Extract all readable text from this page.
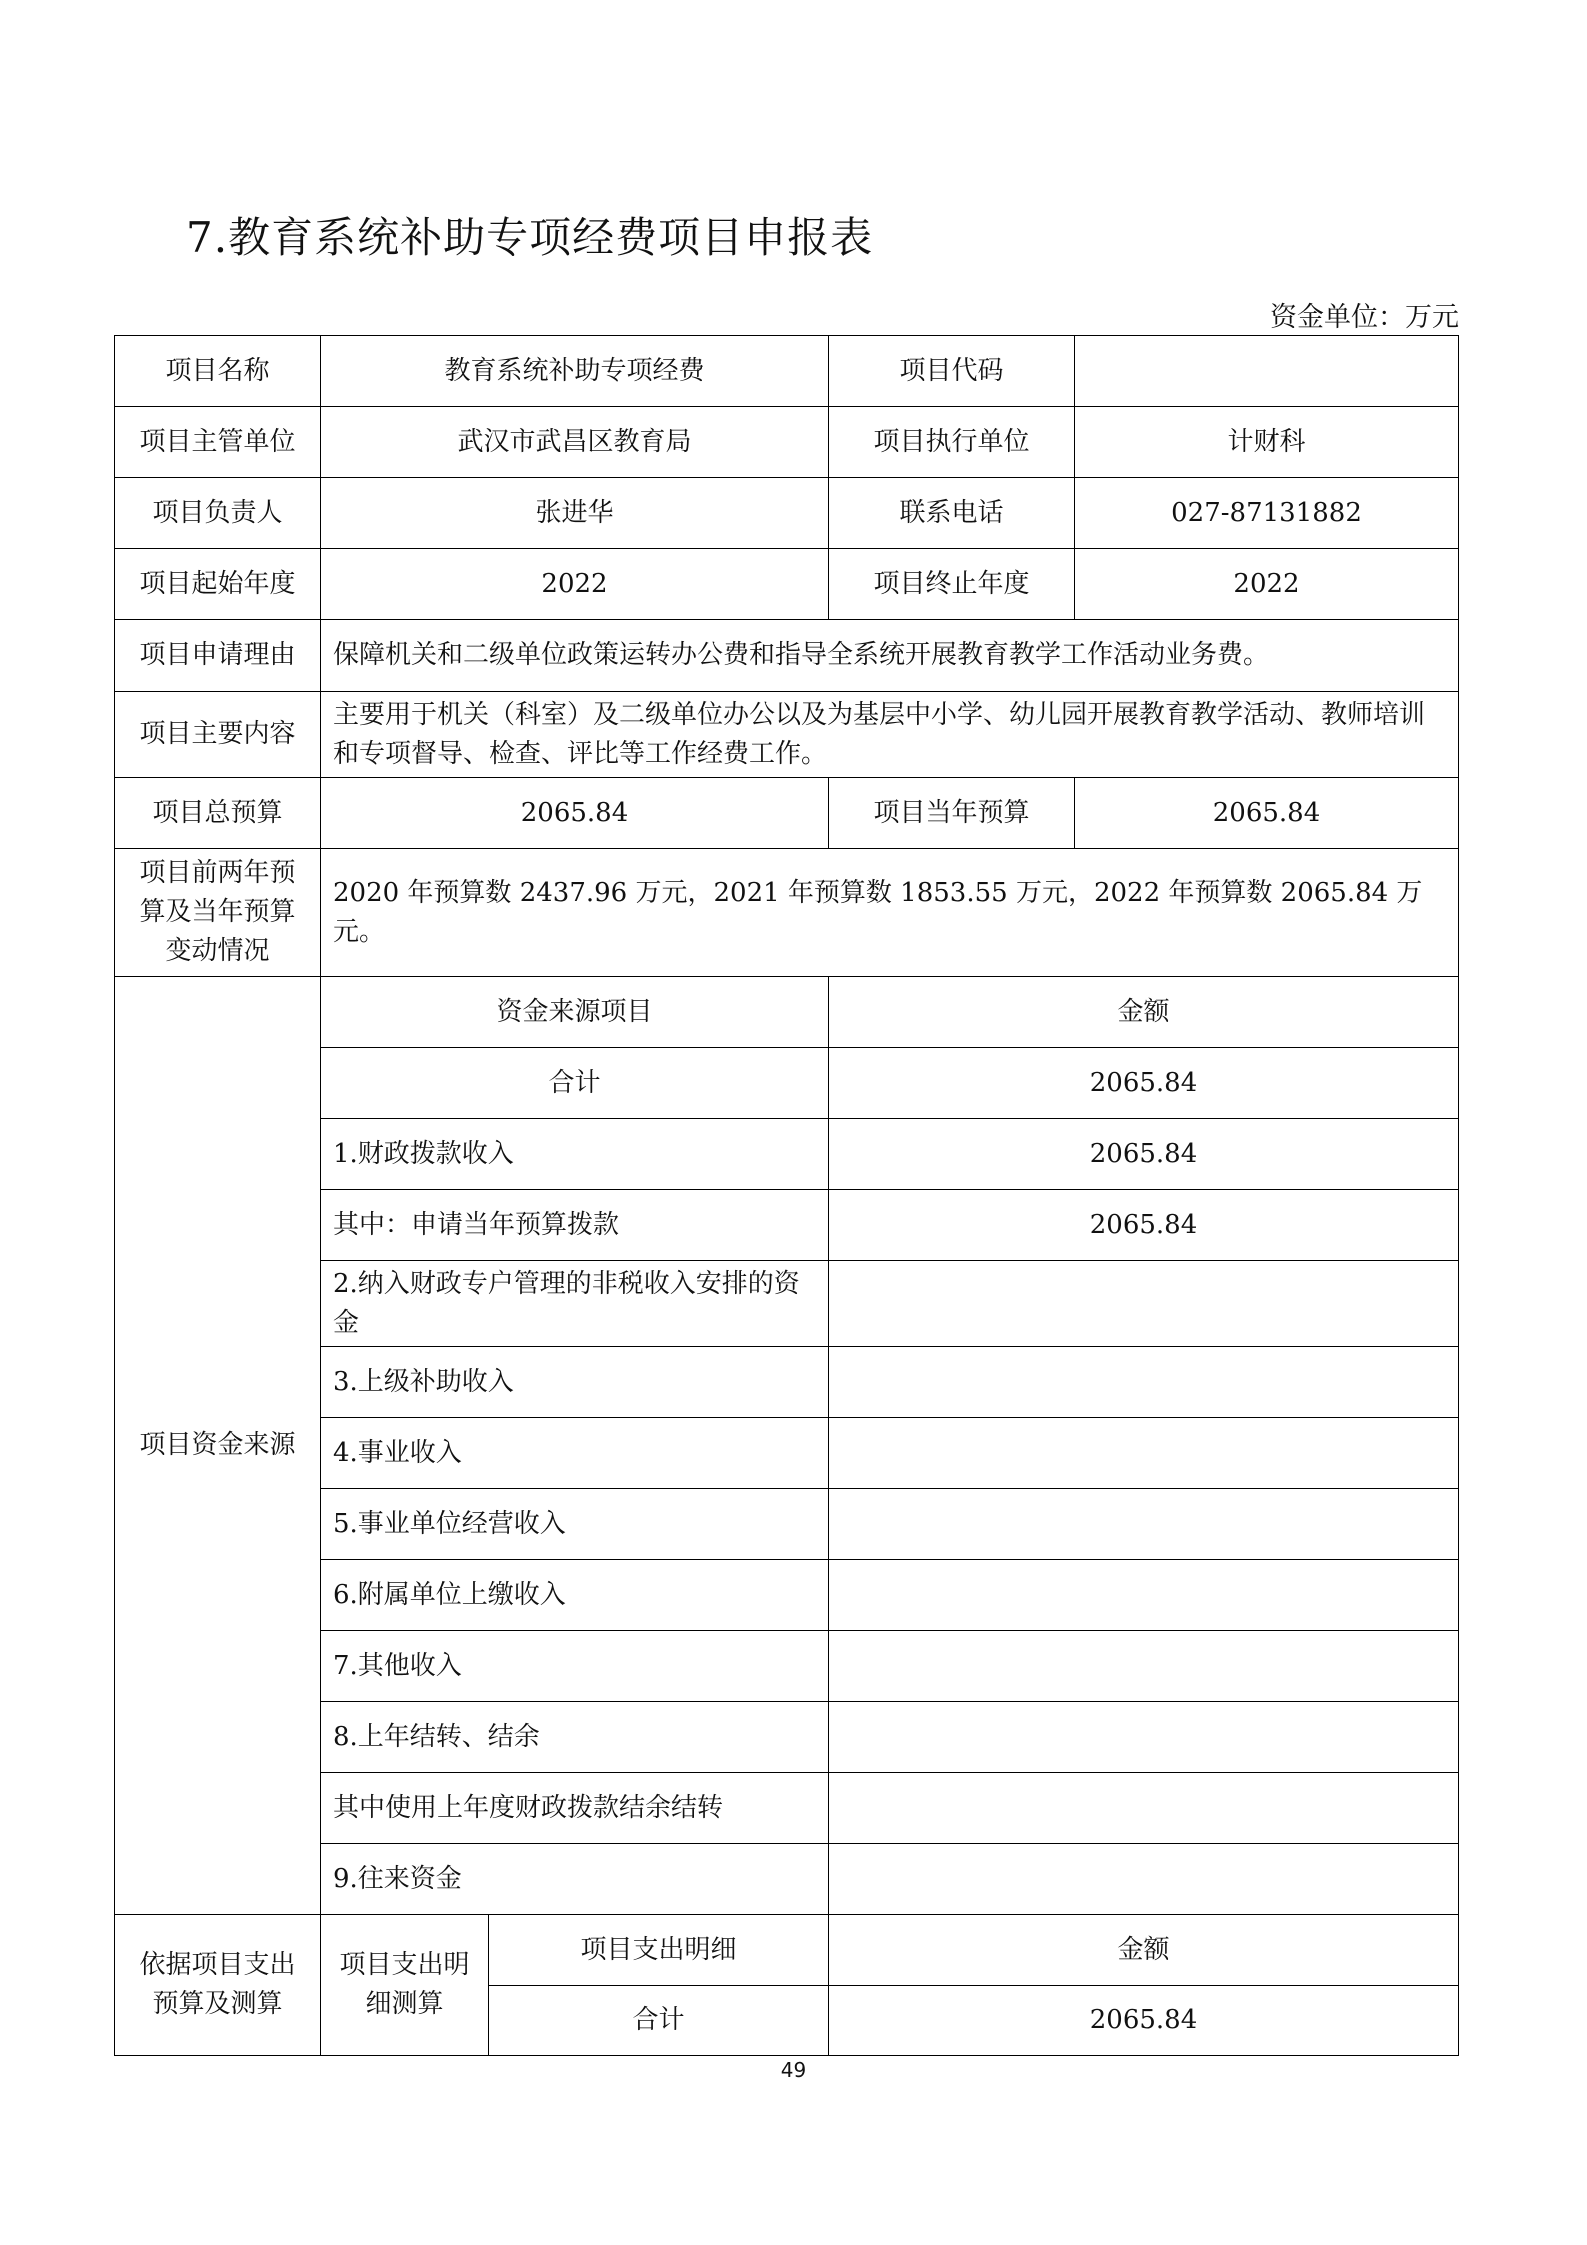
7.教育系统补助专项经费项目申报表
资金单位：万元
项目名称	教育系统补助专项经费		项目代码	
项目主管单位	武汉市武昌区教育局		项目执行单位	计财科
项目负责人	张进华		联系电话	027-87131882
项目起始年度	2022		项目终止年度	2022
项目申请理由	保障机关和二级单位政策运转办公费和指导全系统开展教育教学工作活动业务费。			
项目主要内容	主要用于机关（科室）及二级单位办公以及为基层中小学、幼儿园开展教育教学活动、教师培训和专项督导、检查、评比等工作经费工作。			
项目总预算	2065.84		项目当年预算	2065.84
项目前两年预算及当年预算变动情况	2020 年预算数 2437.96 万元，2021 年预算数 1853.55 万元，2022 年预算数 2065.84 万元。			
项目资金来源	资金来源项目		金额	
	合计		2065.84	
	1.财政拨款收入		2065.84	
	其中：申请当年预算拨款		2065.84	
	2.纳入财政专户管理的非税收入安排的资金			
	3.上级补助收入			
	4.事业收入			
	5.事业单位经营收入			
	6.附属单位上缴收入			
	7.其他收入			
	8.上年结转、结余			
	其中使用上年度财政拨款结余结转			
	9.往来资金			
依据项目支出预算及测算	项目支出明细测算	项目支出明细	金额	
		合计	2065.84	
49
